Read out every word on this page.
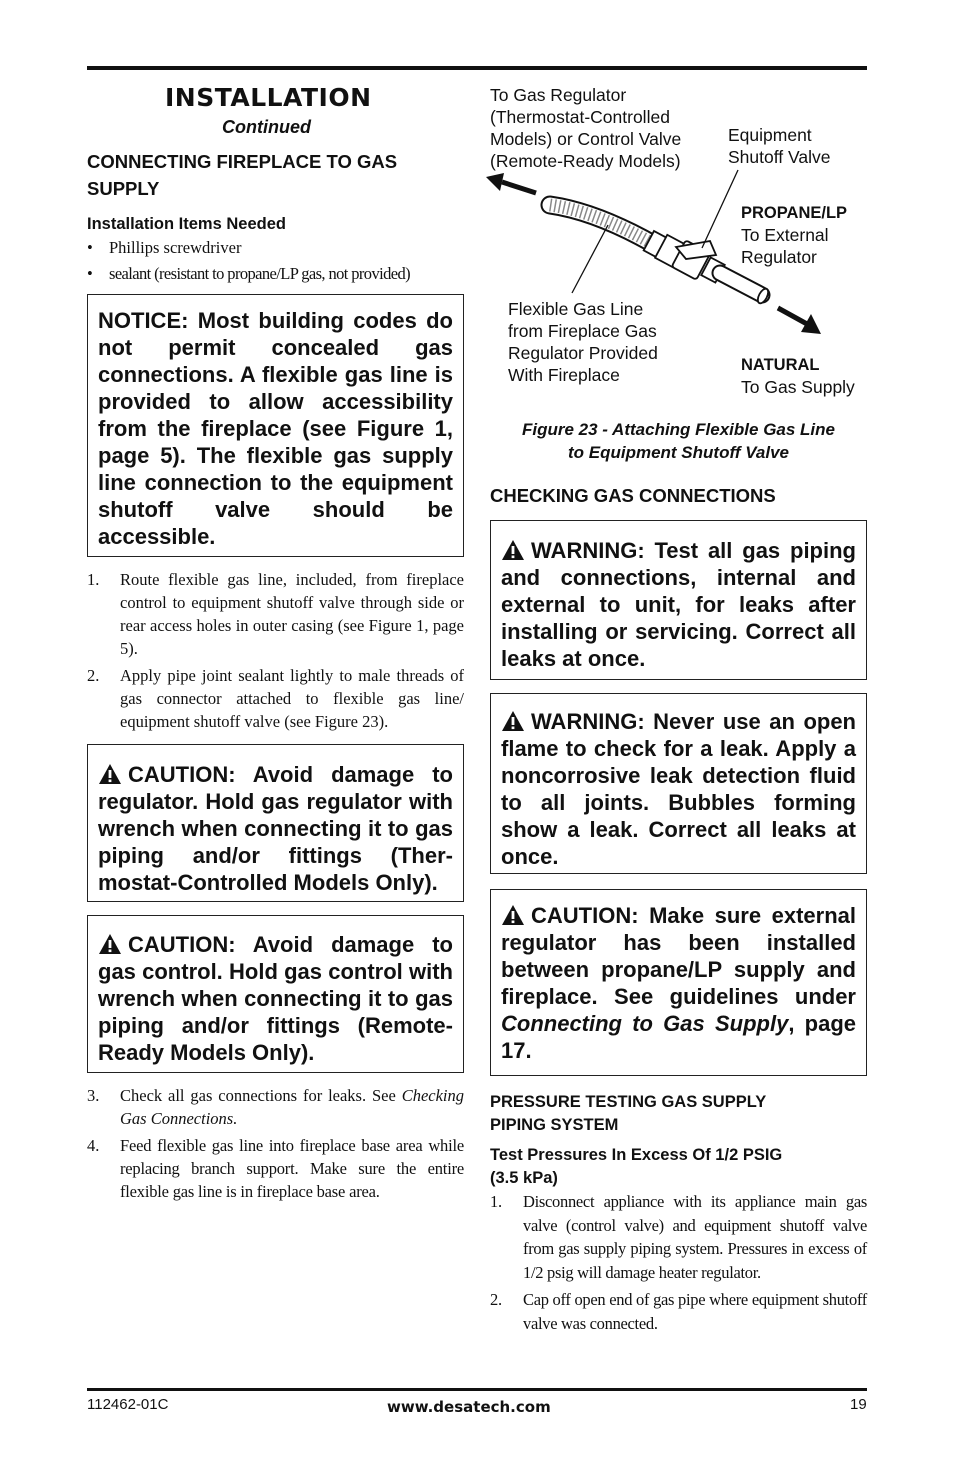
INSTALLATION
Continued
CONNECTING FIREPLACE TO GAS
SUPPLY
Installation Items Needed
• Phillips screwdriver
• sealant (resistant to propane/LP gas, not provided)
NOTICE: Most building codes do not permit concealed gas connections. A flexible gas line is provided to allow accessibility from the fireplace (see Figure 1, page 5). The flexible gas supply line connection to the equipment shutoff valve should be accessible.
1. Route flexible gas line, included, from fireplace control to equipment shutoff valve through side or rear access holes in outer casing (see Figure 1, page 5).
2. Apply pipe joint sealant lightly to male threads of gas connector attached to flexible gas line/ equipment shutoff valve (see Figure 23).
CAUTION: Avoid damage to regulator. Hold gas regulator with wrench when connecting it to gas piping and/or fittings (Thermostat-Controlled Models Only).
CAUTION: Avoid damage to gas control. Hold gas control with wrench when connecting it to gas piping and/or fittings (Remote-Ready Models Only).
3. Check all gas connections for leaks. See Checking Gas Connections.
4. Feed flexible gas line into fireplace base area while replacing branch support. Make sure the entire flexible gas line is in fireplace base area.
To Gas Regulator
(Thermostat-Controlled
Models) or Control Valve
(Remote-Ready Models)
Equipment
Shutoff Valve
PROPANE/LP
To External
Regulator
Flexible Gas Line
from Fireplace Gas
Regulator Provided
With Fireplace	NATURAL
To Gas Supply
Figure 23 - Attaching Flexible Gas Line
to Equipment Shutoff Valve
CHECKING GAS CONNECTIONS
WARNING: Test all gas piping and connections, internal and external to unit, for leaks after installing or servicing. Correct all leaks at once.
WARNING: Never use an open flame to check for a leak. Apply a noncorrosive leak detection fluid to all joints. Bubbles forming show a leak. Correct all leaks at once.
CAUTION: Make sure external regulator has been installed between propane/LP supply and fireplace. See guidelines under Connecting to Gas Supply, page 17.
PRESSURE TESTING GAS SUPPLY
PIPING SYSTEM
Test Pressures In Excess Of 1/2 PSIG
(3.5 kPa)
1. Disconnect appliance with its appliance main gas valve (control valve) and equipment shutoff valve from gas supply piping system. Pressures in excess of 1/2 psig will damage heater regulator.
2. Cap off open end of gas pipe where equipment shutoff valve was connected.
112462-01C	www.desatech.com	19
